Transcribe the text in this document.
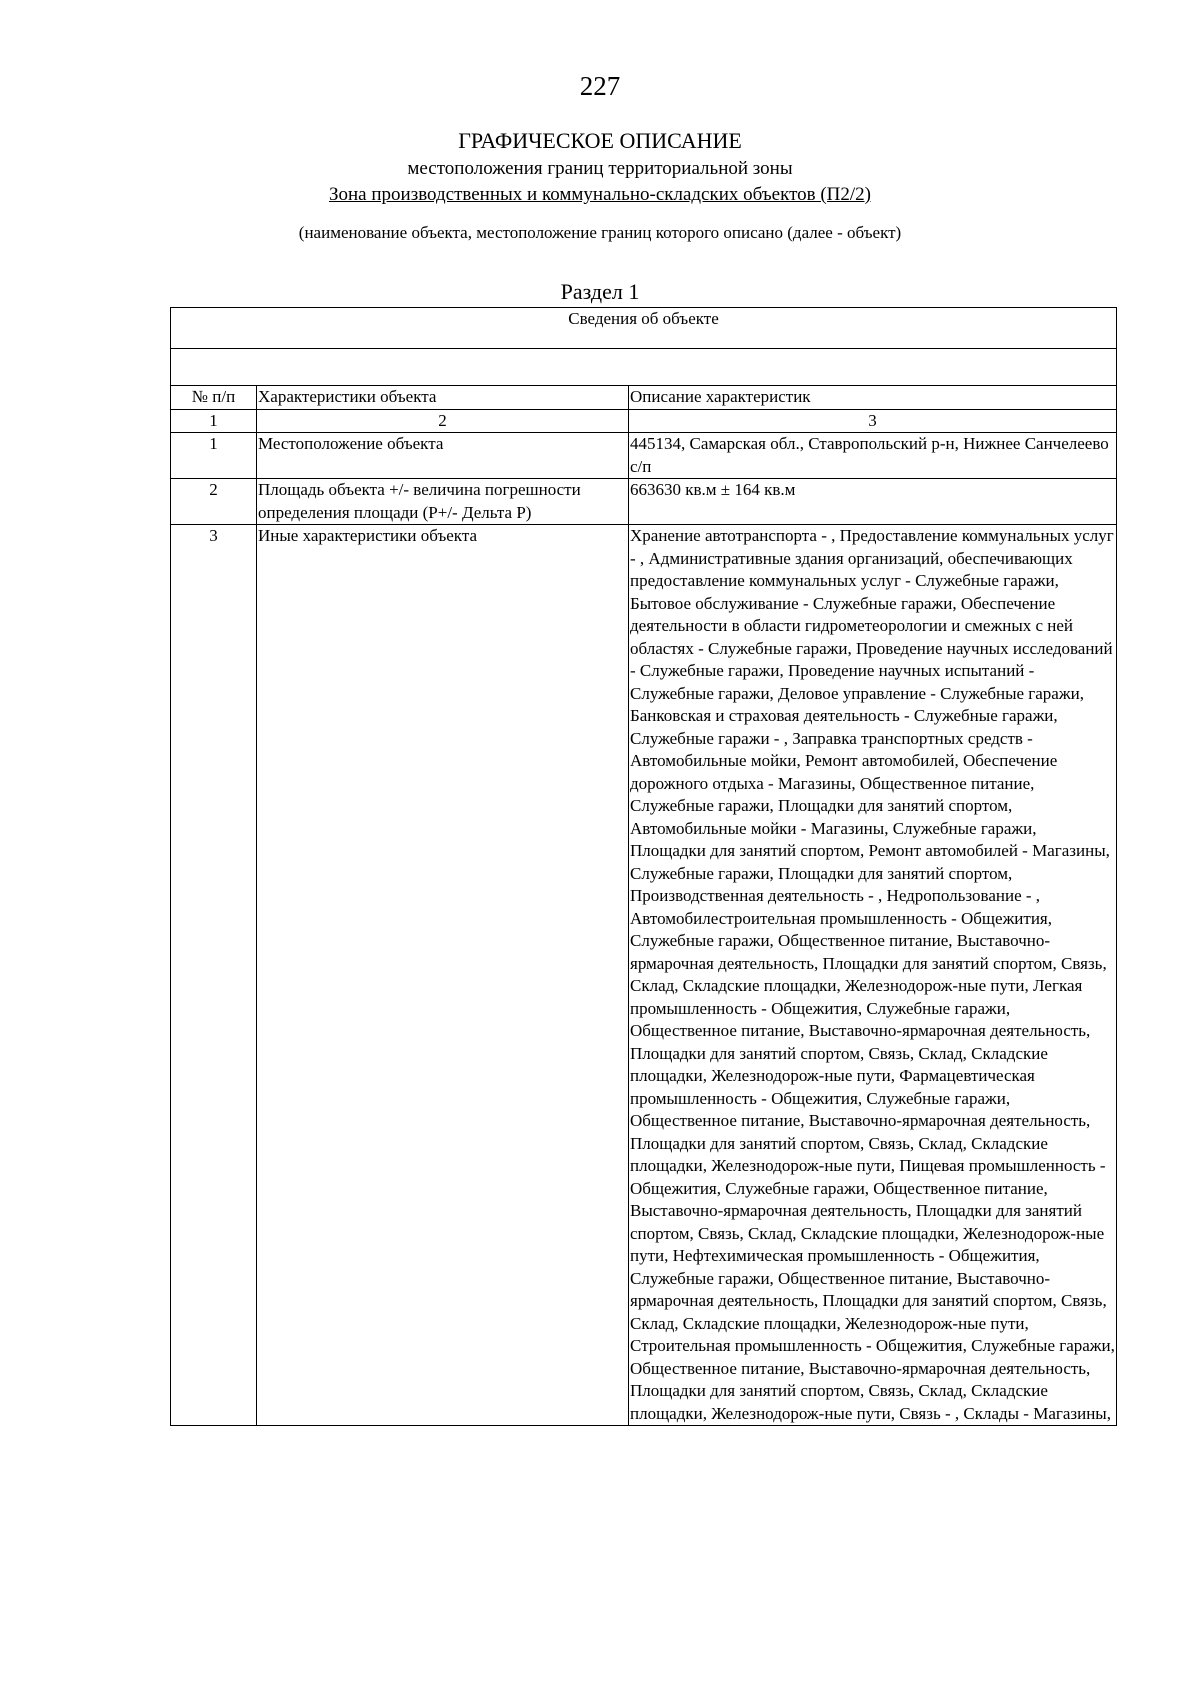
227
ГРАФИЧЕСКОЕ ОПИСАНИЕ
местоположения границ территориальной зоны
Зона производственных и коммунально-складских объектов (П2/2)
(наименование объекта, местоположение границ которого описано (далее - объект)
Раздел 1
Сведения об объекте		

№ п/п	Характеристики объекта	Описание характеристик
1	2	3
1	Местоположение объекта	445134, Самарская обл., Ставропольский р-н, Нижнее Санчелеево с/п
2	Площадь объекта +/- величина погрешности определения площади (Р+/- Дельта Р)	663630 кв.м ± 164 кв.м
3	Иные характеристики объекта	Хранение автотранспорта - , Предоставление коммунальных услуг - , Административные здания организаций, обеспечивающих предоставление коммунальных услуг - Служебные гаражи, Бытовое обслуживание - Служебные гаражи, Обеспечение деятельности в области гидрометеорологии и смежных с ней областях - Служебные гаражи, Проведение научных исследований - Служебные гаражи, Проведение научных испытаний - Служебные гаражи, Деловое управление - Служебные гаражи, Банковская и страховая деятельность - Служебные гаражи, Служебные гаражи - , Заправка транспортных средств - Автомобильные мойки, Ремонт автомобилей, Обеспечение дорожного отдыха - Магазины, Общественное питание, Служебные гаражи, Площадки для занятий спортом, Автомобильные мойки - Магазины, Служебные гаражи, Площадки для занятий спортом, Ремонт автомобилей - Магазины, Служебные гаражи, Площадки для занятий спортом, Производственная деятельность - , Недропользование - , Автомобилестроительная промышленность - Общежития, Служебные гаражи, Общественное питание, Выставочно-ярмарочная деятельность, Площадки для занятий спортом, Связь, Склад, Складские площадки, Железнодорож-ные пути, Легкая промышленность - Общежития, Служебные гаражи, Общественное питание, Выставочно-ярмарочная деятельность, Площадки для занятий спортом, Связь, Склад, Складские площадки, Железнодорож-ные пути, Фармацевтическая промышленность - Общежития, Служебные гаражи, Общественное питание, Выставочно-ярмарочная деятельность, Площадки для занятий спортом, Связь, Склад, Складские площадки, Железнодорож-ные пути, Пищевая промышленность - Общежития, Служебные гаражи, Общественное питание, Выставочно-ярмарочная деятельность, Площадки для занятий спортом, Связь, Склад, Складские площадки, Железнодорож-ные пути, Нефтехимическая промышленность - Общежития, Служебные гаражи, Общественное питание, Выставочно-ярмарочная деятельность, Площадки для занятий спортом, Связь, Склад, Складские площадки, Железнодорож-ные пути, Строительная промышленность - Общежития, Служебные гаражи, Общественное питание, Выставочно-ярмарочная деятельность, Площадки для занятий спортом, Связь, Склад, Складские площадки, Железнодорож-ные пути, Связь - , Склады - Магазины,
